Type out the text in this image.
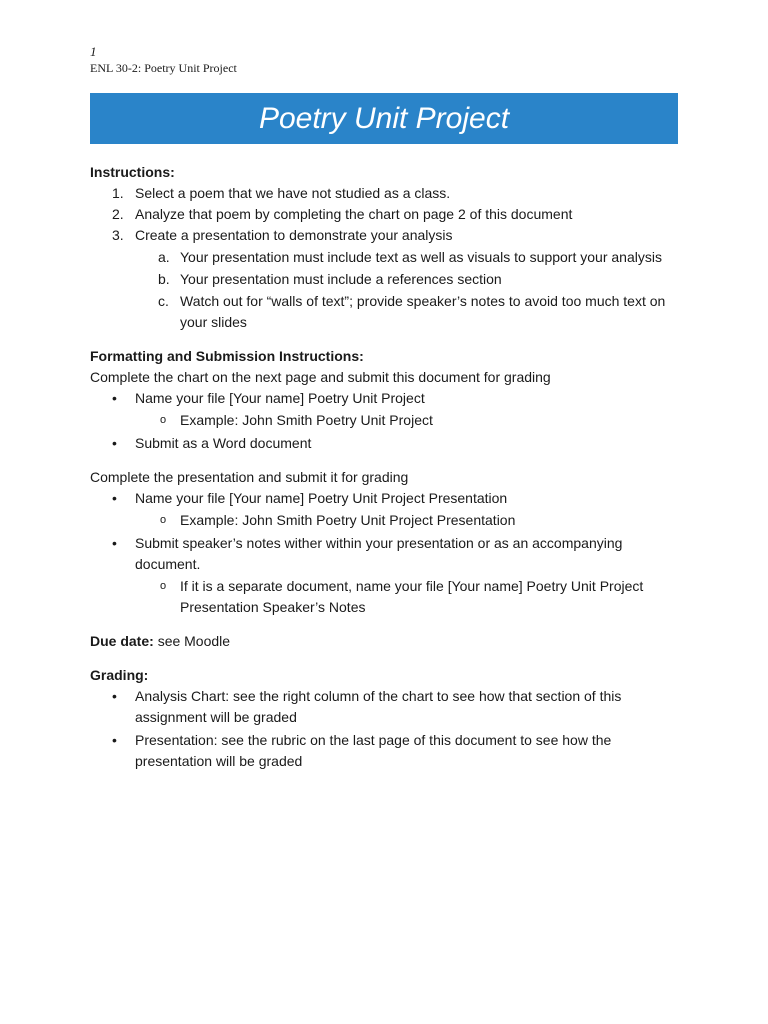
1
ENL 30-2: Poetry Unit Project
Poetry Unit Project
Instructions:
1. Select a poem that we have not studied as a class.
2. Analyze that poem by completing the chart on page 2 of this document
3. Create a presentation to demonstrate your analysis
a. Your presentation must include text as well as visuals to support your analysis
b. Your presentation must include a references section
c. Watch out for “walls of text”; provide speaker’s notes to avoid too much text on your slides
Formatting and Submission Instructions:
Complete the chart on the next page and submit this document for grading
• Name your file [Your name] Poetry Unit Project
o Example: John Smith Poetry Unit Project
• Submit as a Word document
Complete the presentation and submit it for grading
• Name your file [Your name] Poetry Unit Project Presentation
o Example: John Smith Poetry Unit Project Presentation
• Submit speaker’s notes wither within your presentation or as an accompanying document.
o If it is a separate document, name your file [Your name] Poetry Unit Project Presentation Speaker’s Notes
Due date: see Moodle
Grading:
• Analysis Chart: see the right column of the chart to see how that section of this assignment will be graded
• Presentation: see the rubric on the last page of this document to see how the presentation will be graded
